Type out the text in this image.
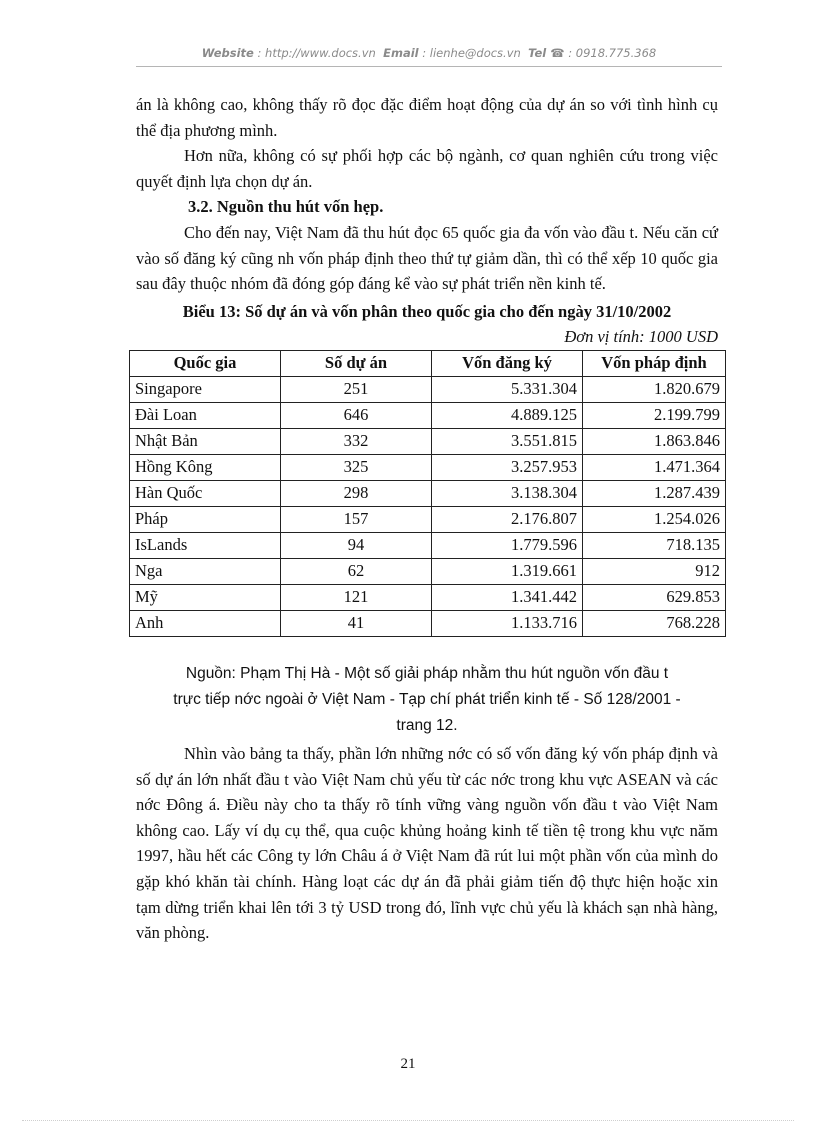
Website : http://www.docs.vn Email : lienhe@docs.vn Tel ☎ : 0918.775.368

án là không cao, không thấy rõ đọc đặc điểm hoạt động của dự án so với tình hình cụ thể địa phương mình.

Hơn nữa, không có sự phối hợp các bộ ngành, cơ quan nghiên cứu trong việc quyết định lựa chọn dự án.

3.2. Nguồn thu hút vốn hẹp.

Cho đến nay, Việt Nam đã thu hút đọc 65 quốc gia đa vốn vào đầu t. Nếu căn cứ vào số đăng ký cũng nh vốn pháp định theo thứ tự giảm dần, thì có thể xếp 10 quốc gia sau đây thuộc nhóm đã đóng góp đáng kể vào sự phát triển nền kinh tế.

Biểu 13: Số dự án và vốn phân theo quốc gia cho đến ngày 31/10/2002

Đơn vị tính: 1000 USD

Quốc gia	Số dự án	Vốn đăng ký	Vốn pháp định
Singapore	251	5.331.304	1.820.679
Đài Loan	646	4.889.125	2.199.799
Nhật Bản	332	3.551.815	1.863.846
Hồng Kông	325	3.257.953	1.471.364
Hàn Quốc	298	3.138.304	1.287.439
Pháp	157	2.176.807	1.254.026
IsLands	94	1.779.596	718.135
Nga	62	1.319.661	912
Mỹ	121	1.341.442	629.853
Anh	41	1.133.716	768.228
Nguồn: Phạm Thị Hà - Một số giải pháp nhằm thu hút nguồn vốn đầu t
trực tiếp nớc ngoài ở Việt Nam - Tạp chí phát triển kinh tế - Số 128/2001 -
trang 12.

Nhìn vào bảng ta thấy, phần lớn những nớc có số vốn đăng ký vốn pháp định và số dự án lớn nhất đầu t vào Việt Nam chủ yếu từ các nớc trong khu vực ASEAN và các nớc Đông á. Điều này cho ta thấy rõ tính vững vàng nguồn vốn đầu t vào Việt Nam không cao. Lấy ví dụ cụ thể, qua cuộc khủng hoảng kinh tế tiền tệ trong khu vực năm 1997, hầu hết các Công ty lớn Châu á ở Việt Nam đã rút lui một phần vốn của mình do gặp khó khăn tài chính. Hàng loạt các dự án đã phải giảm tiến độ thực hiện hoặc xin tạm dừng triển khai lên tới 3 tỷ USD trong đó, lĩnh vực chủ yếu là khách sạn nhà hàng, văn phòng.

21
